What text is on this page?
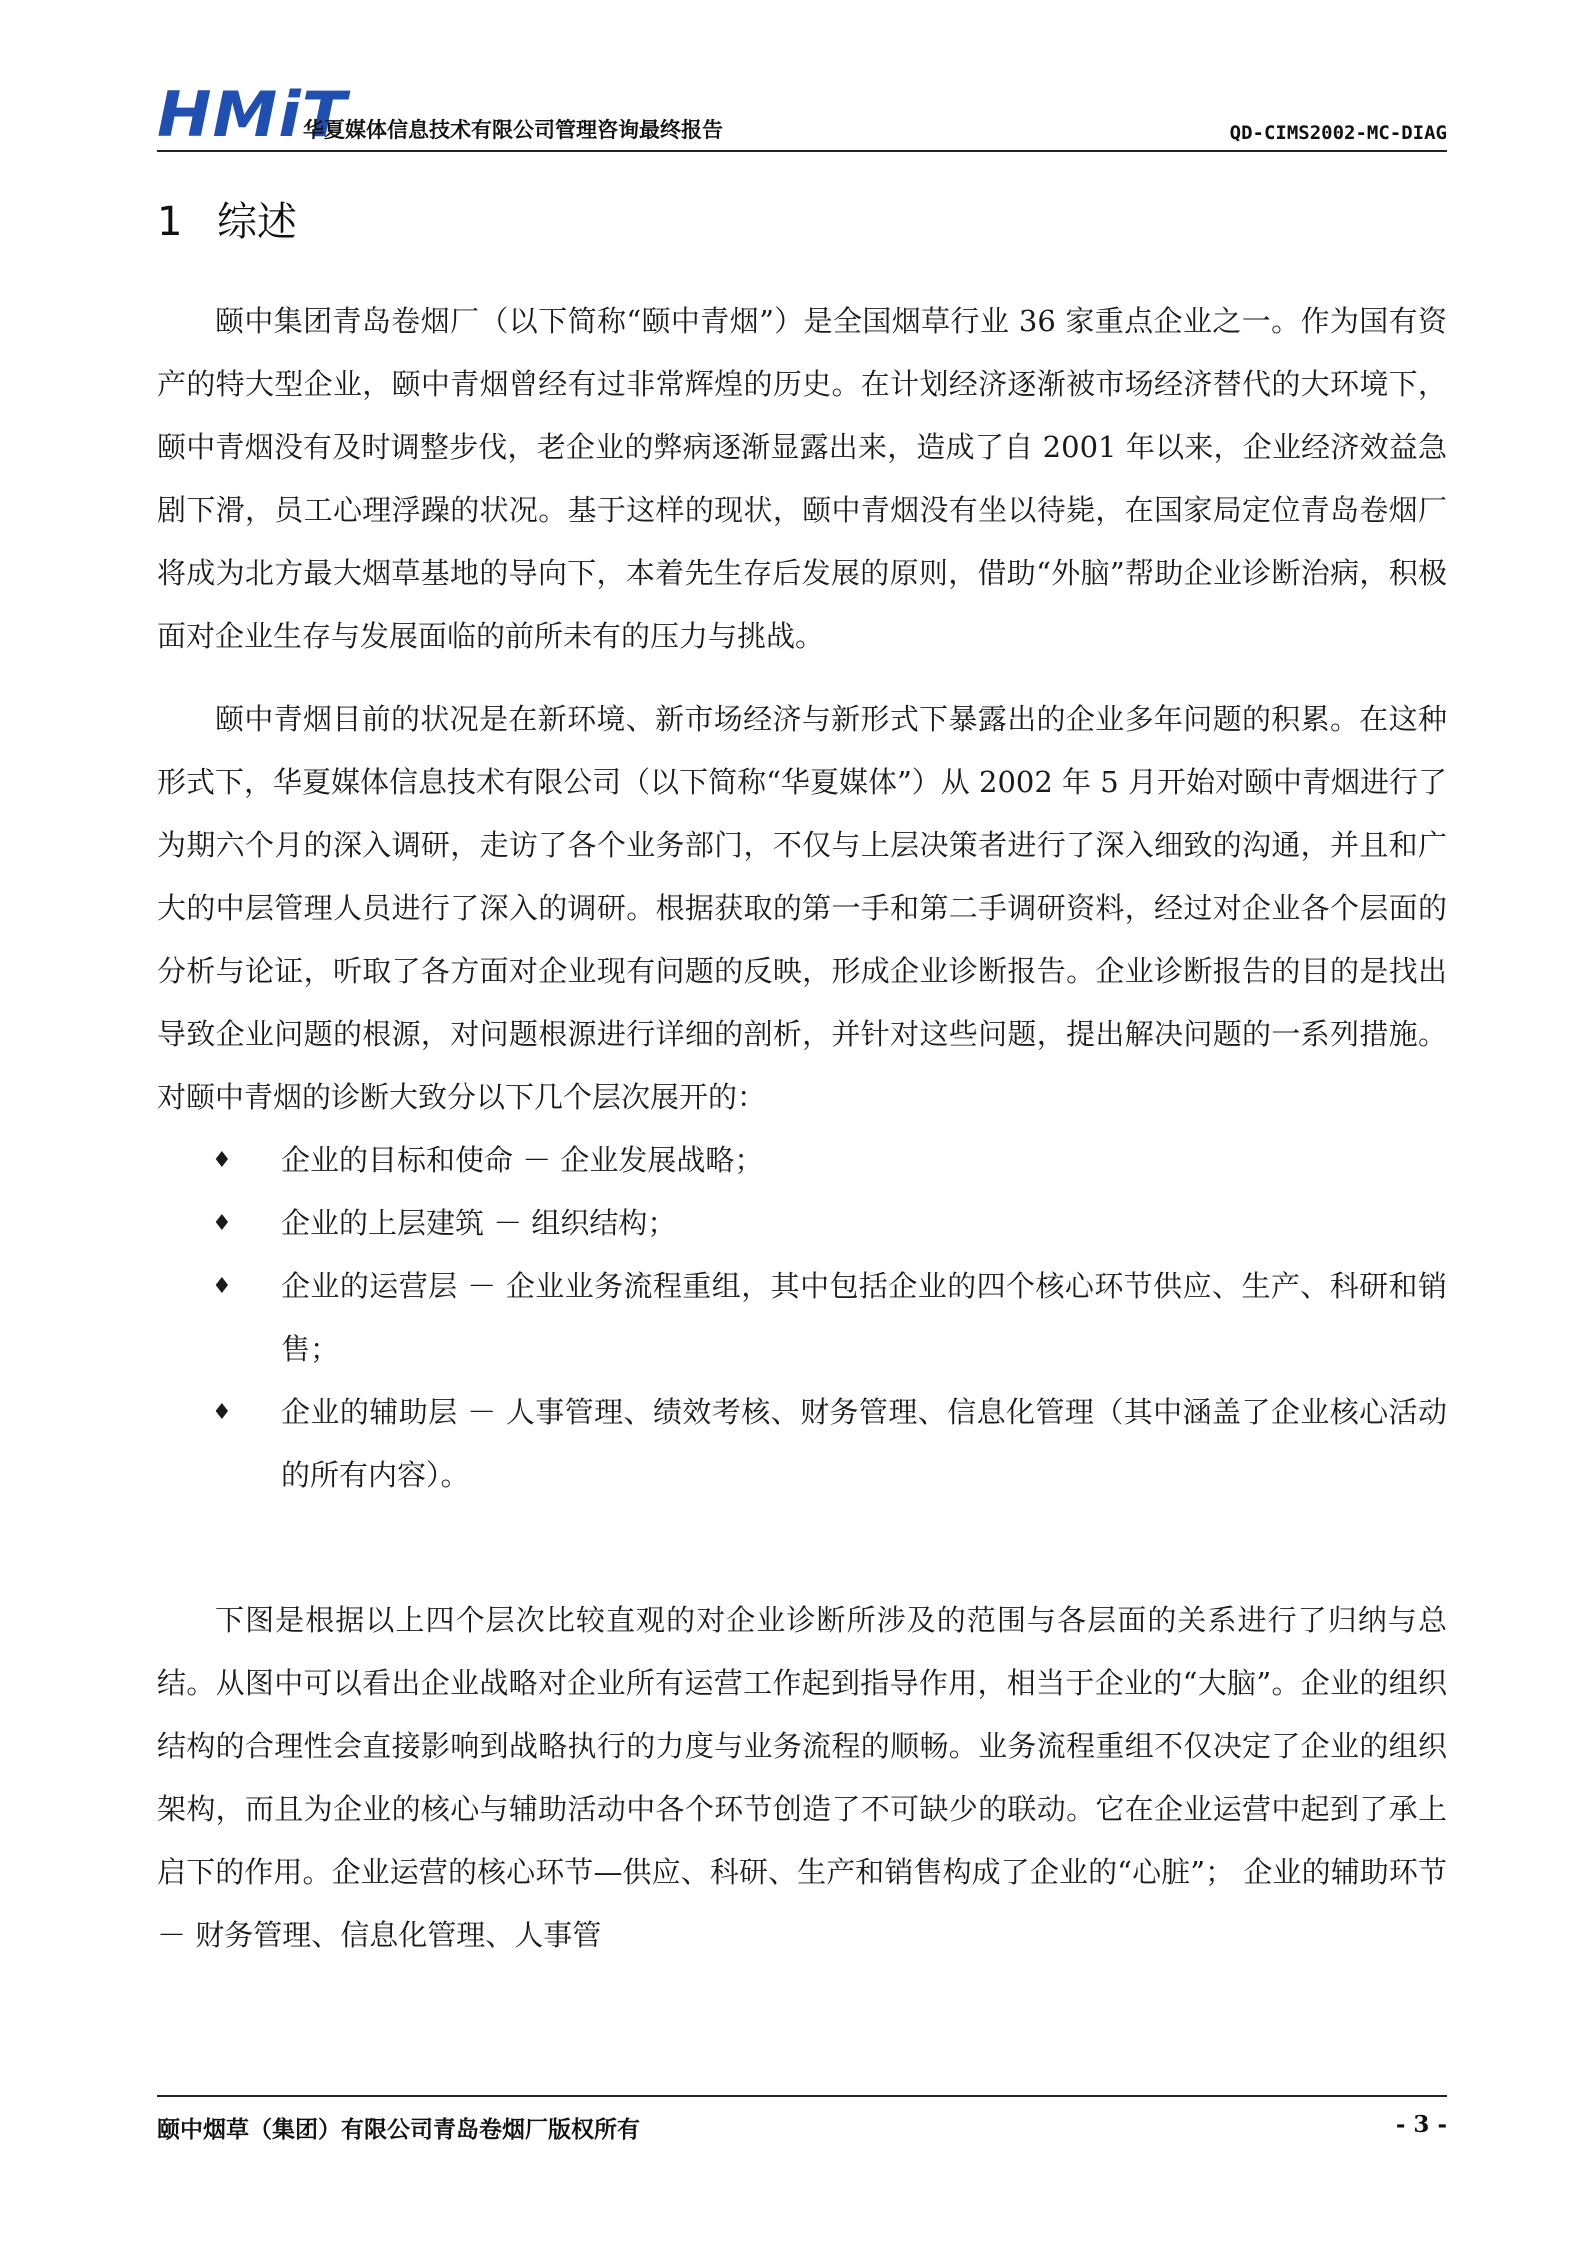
HMiT
华夏媒体信息技术有限公司管理咨询最终报告	QD-CIMS2002-MC-DIAG
1 综述

颐中集团青岛卷烟厂（以下简称“颐中青烟”）是全国烟草行业 36 家重点企业之一。作为国有资产的特大型企业，颐中青烟曾经有过非常辉煌的历史。在计划经济逐渐被市场经济替代的大环境下，颐中青烟没有及时调整步伐，老企业的弊病逐渐显露出来，造成了自 2001 年以来，企业经济效益急剧下滑，员工心理浮躁的状况。基于这样的现状，颐中青烟没有坐以待毙，在国家局定位青岛卷烟厂将成为北方最大烟草基地的导向下，本着先生存后发展的原则，借助“外脑”帮助企业诊断治病，积极面对企业生存与发展面临的前所未有的压力与挑战。

颐中青烟目前的状况是在新环境、新市场经济与新形式下暴露出的企业多年问题的积累。在这种形式下，华夏媒体信息技术有限公司（以下简称“华夏媒体”）从 2002 年 5 月开始对颐中青烟进行了为期六个月的深入调研，走访了各个业务部门，不仅与上层决策者进行了深入细致的沟通，并且和广大的中层管理人员进行了深入的调研。根据获取的第一手和第二手调研资料，经过对企业各个层面的分析与论证，听取了各方面对企业现有问题的反映，形成企业诊断报告。企业诊断报告的目的是找出导致企业问题的根源，对问题根源进行详细的剖析，并针对这些问题，提出解决问题的一系列措施。对颐中青烟的诊断大致分以下几个层次展开的：

♦ 企业的目标和使命 － 企业发展战略；
♦ 企业的上层建筑 － 组织结构；
♦ 企业的运营层 － 企业业务流程重组，其中包括企业的四个核心环节供应、生产、科研和销售；
♦ 企业的辅助层 － 人事管理、绩效考核、财务管理、信息化管理（其中涵盖了企业核心活动的所有内容）。

下图是根据以上四个层次比较直观的对企业诊断所涉及的范围与各层面的关系进行了归纳与总结。从图中可以看出企业战略对企业所有运营工作起到指导作用，相当于企业的“大脑”。企业的组织结构的合理性会直接影响到战略执行的力度与业务流程的顺畅。业务流程重组不仅决定了企业的组织架构，而且为企业的核心与辅助活动中各个环节创造了不可缺少的联动。它在企业运营中起到了承上启下的作用。企业运营的核心环节—供应、科研、生产和销售构成了企业的“心脏”； 企业的辅助环节 － 财务管理、信息化管理、人事管

颐中烟草（集团）有限公司青岛卷烟厂版权所有	- 3 -
